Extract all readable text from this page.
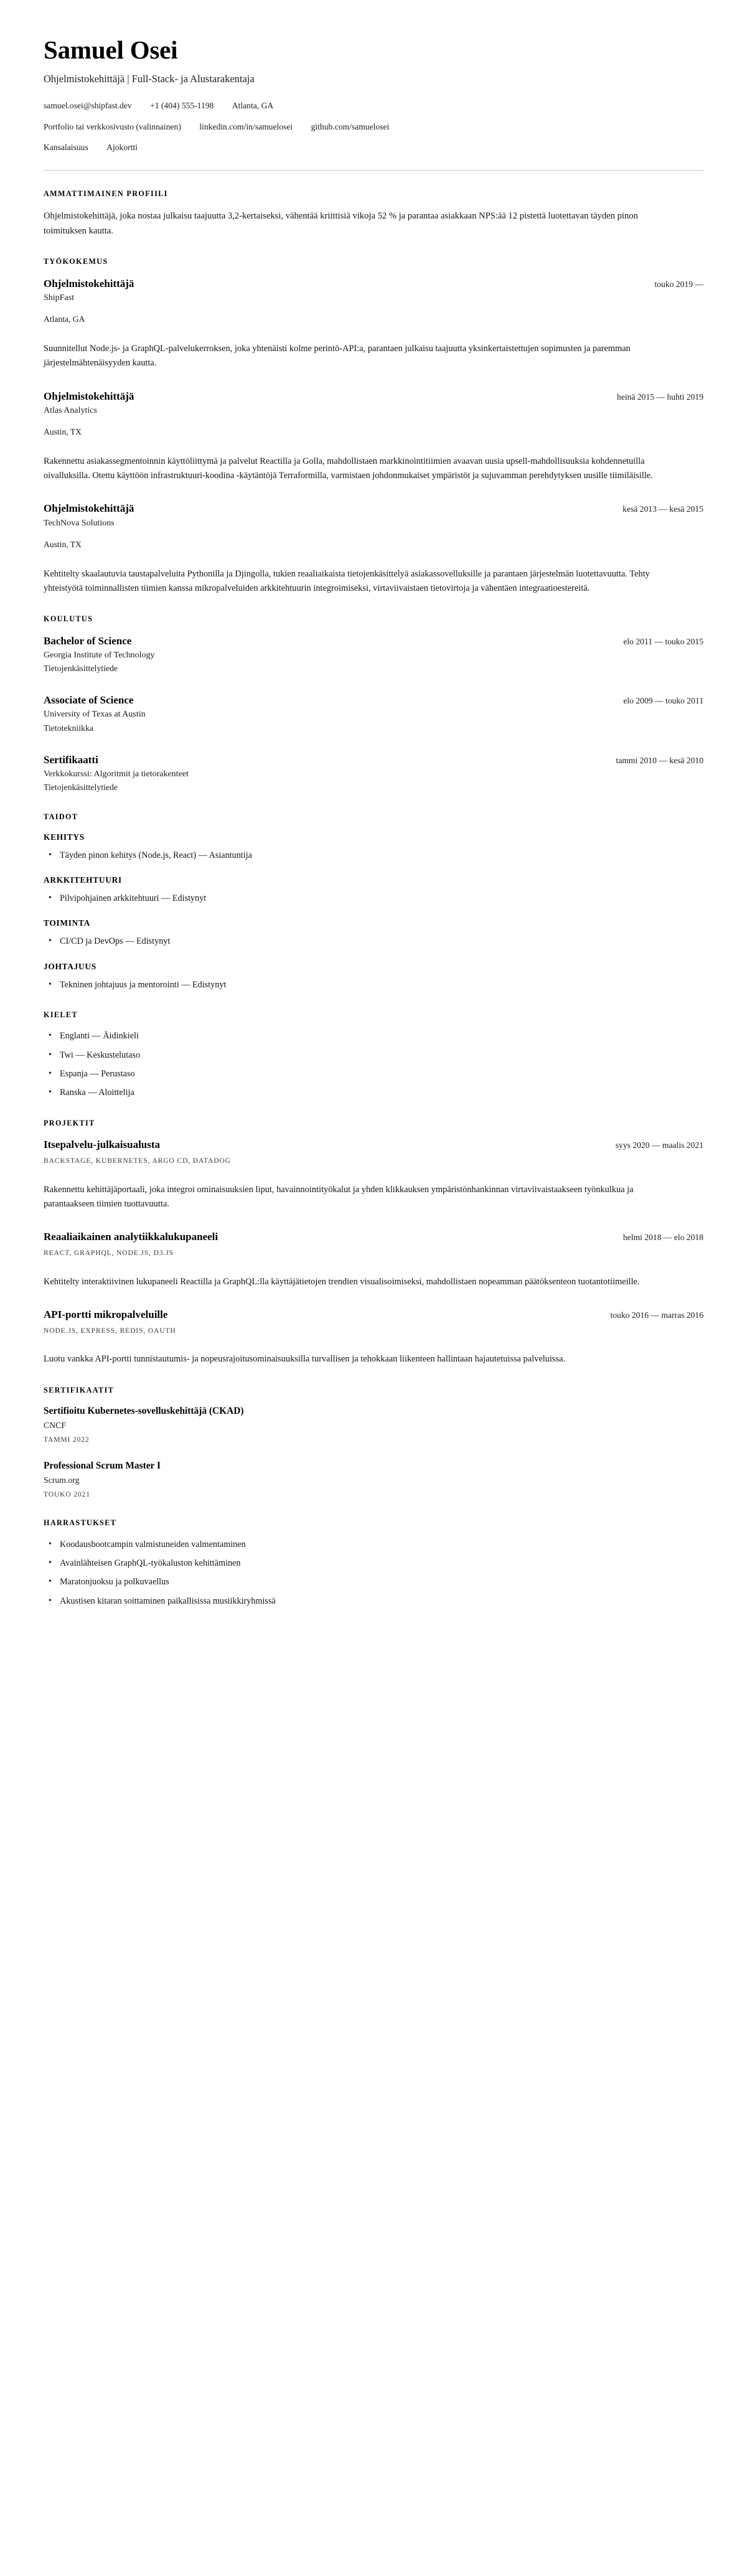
Samuel Osei
Ohjelmistokehittäjä | Full-Stack- ja Alustarakentaja
samuel.osei@shipfast.dev +1 (404) 555-1198 Atlanta, GA
Portfolio tai verkkosivusto (valinnainen) linkedin.com/in/samuelosei github.com/samuelosei
Kansalaisuus Ajokortti
AMMATTIMAINEN PROFIILI

Ohjelmistokehittäjä, joka nostaa julkaisu taajuutta 3,2-kertaiseksi, vähentää kriittisiä vikoja 52 % ja parantaa asiakkaan NPS:ää 12 pistettä luotettavan täyden pinon toimituksen kautta.

TYÖKOKEMUS
Ohjelmistokehittäjä	touko 2019 —
ShipFast
Atlanta, GA

Suunnitellut Node.js- ja GraphQL-palvelukerroksen, joka yhtenäisti kolme perintö-API:a, parantaen julkaisu taajuutta yksinkertaistettujen sopimusten ja paremman järjestelmähtenäisyyden kautta.

Ohjelmistokehittäjä	heinä 2015 — huhti 2019
Atlas Analytics
Austin, TX

Rakennettu asiakassegmentoinnin käyttöliittymä ja palvelut Reactilla ja Golla, mahdollistaen markkinointitiimien avaavan uusia upsell-mahdollisuuksia kohdennetuilla oivalluksilla. Otettu käyttöön infrastruktuuri-koodina -käytäntöjä Terraformilla, varmistaen johdonmukaiset ympäristöt ja sujuvamman perehdytyksen uusille tiimiläisille.

Ohjelmistokehittäjä	kesä 2013 — kesä 2015
TechNova Solutions
Austin, TX

Kehtitelty skaalautuvia taustapalveluita Pythonilla ja Djingolla, tukien reaaliaikaista tietojenkäsittelyä asiakassovelluksille ja parantaen järjestelmän luotettavuutta. Tehty yhteistyötä toiminnallisten tiimien kanssa mikropalveluiden arkkitehtuurin integroimiseksi, virtaviivaistaen tietovirtoja ja vähentäen integraatioestereitä.

KOULUTUS
Bachelor of Science	elo 2011 — touko 2015
Georgia Institute of Technology
Tietojenkäsittelytiede
Associate of Science	elo 2009 — touko 2011
University of Texas at Austin
Tietotekniikka
Sertifikaatti	tammi 2010 — kesä 2010
Verkkokurssi: Algoritmit ja tietorakenteet
Tietojenkäsittelytiede
TAIDOT
KEHITYS
• Täyden pinon kehitys (Node.js, React) — Asiantuntija
ARKKITEHTUURI
• Pilvipohjainen arkkitehtuuri — Edistynyt
TOIMINTA
• CI/CD ja DevOps — Edistynyt
JOHTAJUUS
• Tekninen johtajuus ja mentorointi — Edistynyt
KIELET
• Englanti — Äidinkieli
• Twi — Keskustelutaso
• Espanja — Perustaso
• Ranska — Aloittelija
PROJEKTIT
Itsepalvelu-julkaisualusta	syys 2020 — maalis 2021
BACKSTAGE, KUBERNETES, ARGO CD, DATADOG

Rakennettu kehittäjäportaali, joka integroi ominaisuuksien liput, havainnointityökalut ja yhden klikkauksen ympäristönhankinnan virtaviivaistaakseen työnkulkua ja parantaakseen tiimien tuottavuutta.

Reaaliaikainen analytiikkalukupaneeli	helmi 2018 — elo 2018
REACT, GRAPHQL, NODE.JS, D3.JS

Kehtitelty interaktiivinen lukupaneeli Reactilla ja GraphQL:lla käyttäjätietojen trendien visualisoimiseksi, mahdollistaen nopeamman päätöksenteon tuotantotiimeille.

API-portti mikropalveluille	touko 2016 — marras 2016
NODE.JS, EXPRESS, REDIS, OAUTH

Luotu vankka API-portti tunnistautumis- ja nopeusrajoitusominaisuuksilla turvallisen ja tehokkaan liikenteen hallintaan hajautetuissa palveluissa.

SERTIFIKAATIT
Sertifioitu Kubernetes-sovelluskehittäjä (CKAD)
CNCF
TAMMI 2022
Professional Scrum Master I
Scrum.org
TOUKO 2021
HARRASTUKSET
• Koodausbootcampin valmistuneiden valmentaminen
• Avainlähteisen GraphQL-työkaluston kehittäminen
• Maratonjuoksu ja polkuvaellus
• Akustisen kitaran soittaminen paikallisissa musiikkiryhmissä
